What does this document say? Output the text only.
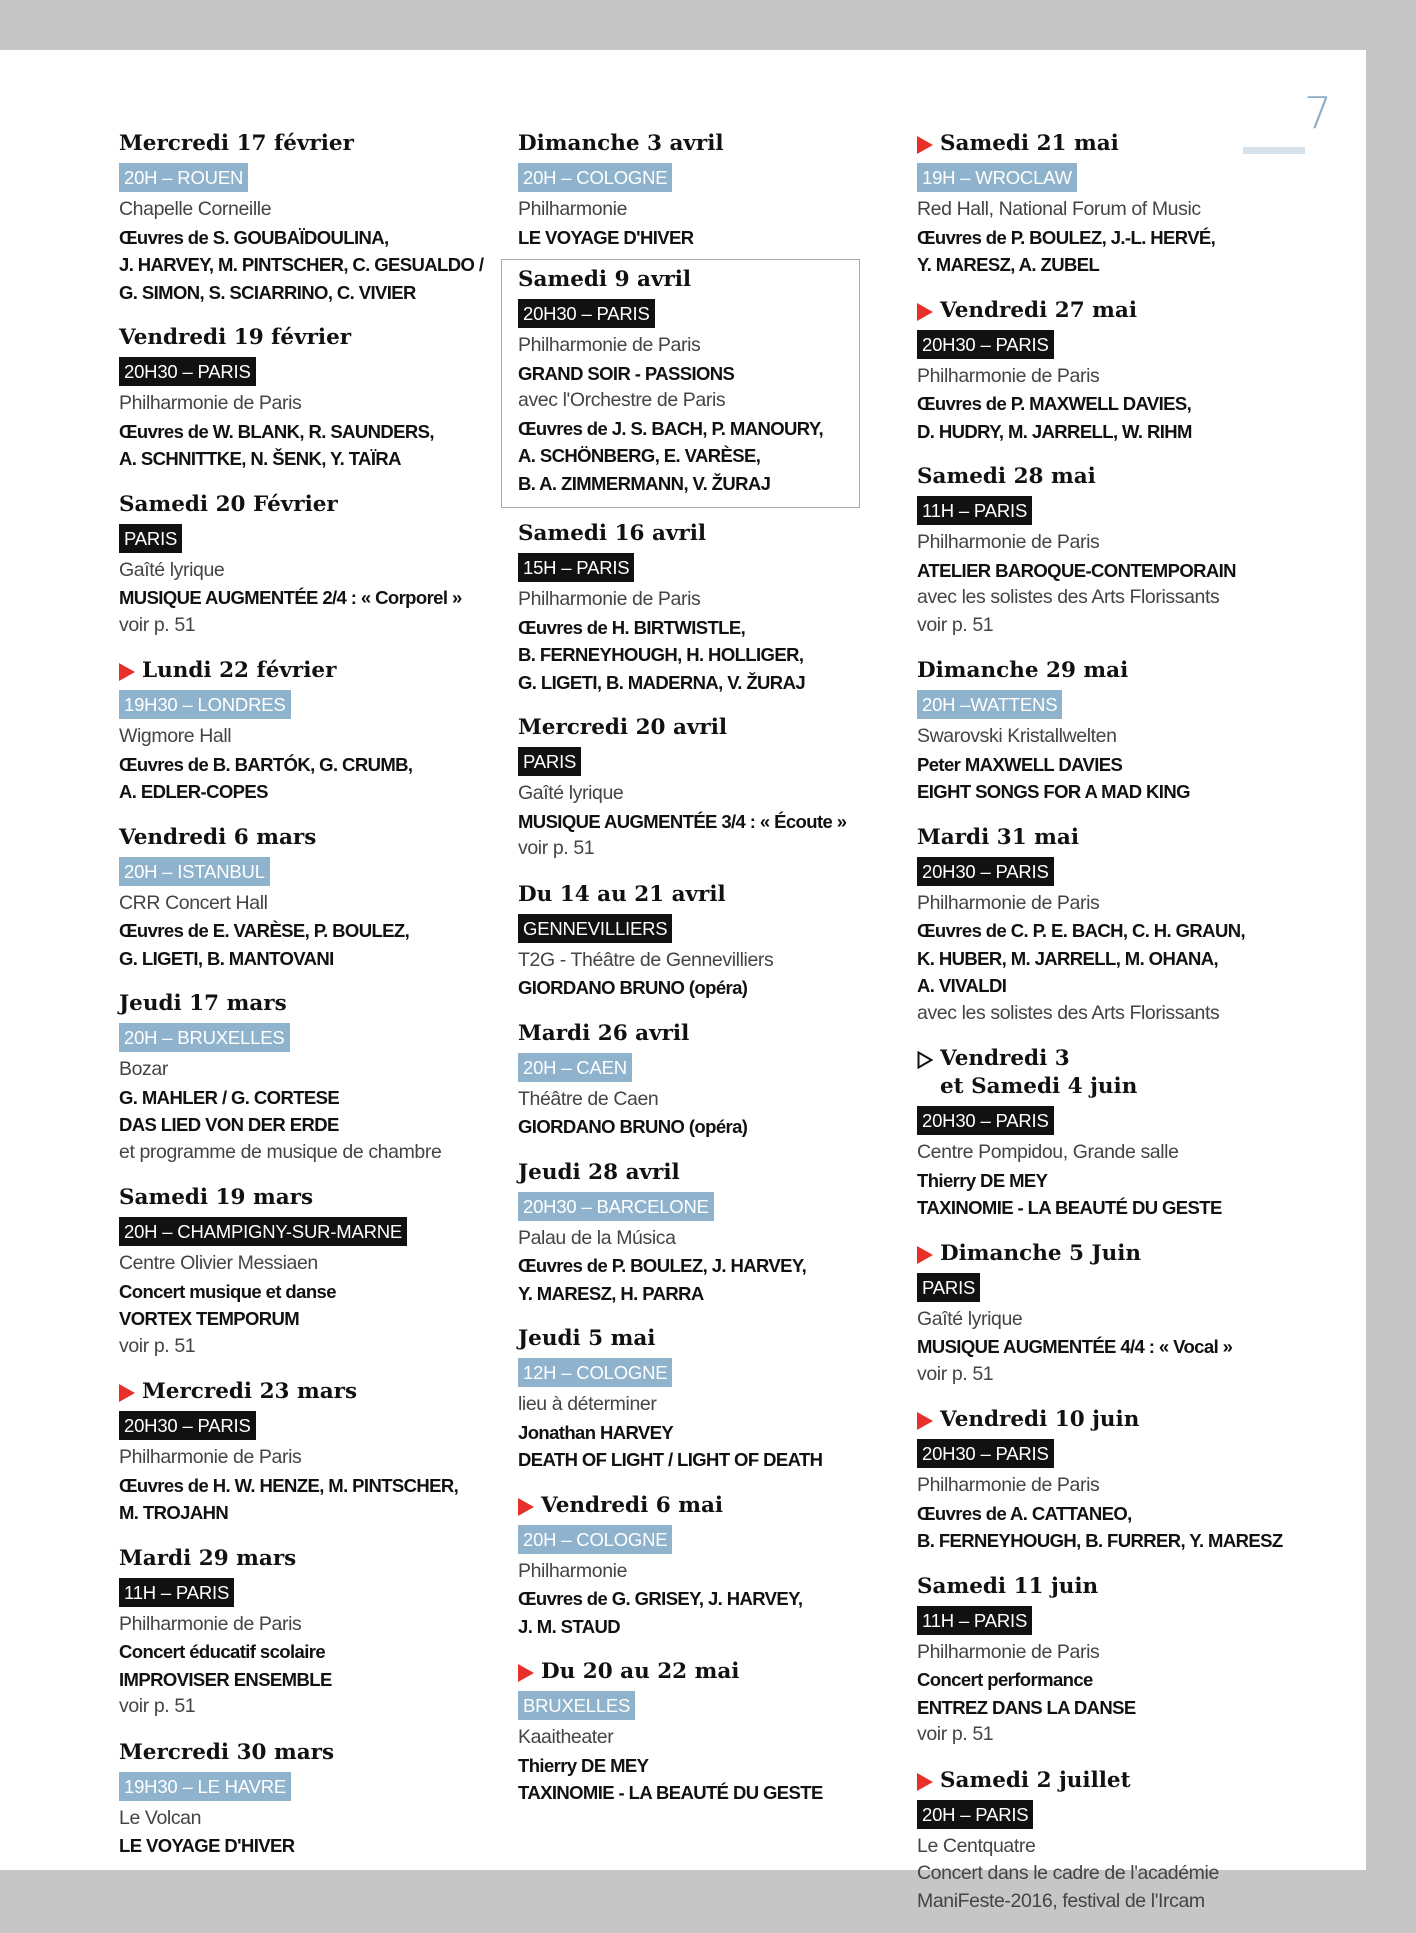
7
Mercredi 17 février
20H – ROUEN
Chapelle Corneille
Œuvres de S. GOUBAÏDOULINA,
J. HARVEY, M. PINTSCHER, C. GESUALDO /
G. SIMON, S. SCIARRINO, C. VIVIER
Vendredi 19 février
20H30 – PARIS
Philharmonie de Paris
Œuvres de W. BLANK, R. SAUNDERS,
A. SCHNITTKE, N. ŠENK, Y. TAÏRA
Samedi 20 Février
PARIS
Gaîté lyrique
MUSIQUE AUGMENTÉE 2/4 : « Corporel »
voir p. 51
Lundi 22 février
19H30 – LONDRES
Wigmore Hall
Œuvres de B. BARTÓK, G. CRUMB,
A. EDLER-COPES
Vendredi 6 mars
20H – ISTANBUL
CRR Concert Hall
Œuvres de E. VARÈSE, P. BOULEZ,
G. LIGETI, B. MANTOVANI
Jeudi 17 mars
20H – BRUXELLES
Bozar
G. MAHLER / G. CORTESE
DAS LIED VON DER ERDE
et programme de musique de chambre
Samedi 19 mars
20H – CHAMPIGNY-SUR-MARNE
Centre Olivier Messiaen
Concert musique et danse
VORTEX TEMPORUM
voir p. 51
Mercredi 23 mars
20H30 – PARIS
Philharmonie de Paris
Œuvres de H. W. HENZE, M. PINTSCHER,
M. TROJAHN
Mardi 29 mars
11H – PARIS
Philharmonie de Paris
Concert éducatif scolaire
IMPROVISER ENSEMBLE
voir p. 51
Mercredi 30 mars
19H30 – LE HAVRE
Le Volcan
LE VOYAGE D'HIVER
Dimanche 3 avril
20H – COLOGNE
Philharmonie
LE VOYAGE D'HIVER
Samedi 9 avril
20H30 – PARIS
Philharmonie de Paris
GRAND SOIR - PASSIONS
avec l'Orchestre de Paris
Œuvres de J. S. BACH, P. MANOURY,
A. SCHÖNBERG, E. VARÈSE,
B. A. ZIMMERMANN, V. ŽURAJ
Samedi 16 avril
15H – PARIS
Philharmonie de Paris
Œuvres de H. BIRTWISTLE,
B. FERNEYHOUGH, H. HOLLIGER,
G. LIGETI, B. MADERNA, V. ŽURAJ
Mercredi 20 avril
PARIS
Gaîté lyrique
MUSIQUE AUGMENTÉE 3/4 : « Écoute »
voir p. 51
Du 14 au 21 avril
GENNEVILLIERS
T2G - Théâtre de Gennevilliers
GIORDANO BRUNO (opéra)
Mardi 26 avril
20H – CAEN
Théâtre de Caen
GIORDANO BRUNO (opéra)
Jeudi 28 avril
20H30 – BARCELONE
Palau de la Música
Œuvres de P. BOULEZ, J. HARVEY,
Y. MARESZ, H. PARRA
Jeudi 5 mai
12H – COLOGNE
lieu à déterminer
Jonathan HARVEY
DEATH OF LIGHT / LIGHT OF DEATH
Vendredi 6 mai
20H – COLOGNE
Philharmonie
Œuvres de G. GRISEY, J. HARVEY,
J. M. STAUD
Du 20 au 22 mai
BRUXELLES
Kaaitheater
Thierry DE MEY
TAXINOMIE - LA BEAUTÉ DU GESTE
Samedi 21 mai
19H – WROCLAW
Red Hall, National Forum of Music
Œuvres de P. BOULEZ, J.-L. HERVÉ,
Y. MARESZ, A. ZUBEL
Vendredi 27 mai
20H30 – PARIS
Philharmonie de Paris
Œuvres de P. MAXWELL DAVIES,
D. HUDRY, M. JARRELL, W. RIHM
Samedi 28 mai
11H – PARIS
Philharmonie de Paris
ATELIER BAROQUE-CONTEMPORAIN
avec les solistes des Arts Florissants
voir p. 51
Dimanche 29 mai
20H –WATTENS
Swarovski Kristallwelten
Peter MAXWELL DAVIES
EIGHT SONGS FOR A MAD KING
Mardi 31 mai
20H30 – PARIS
Philharmonie de Paris
Œuvres de C. P. E. BACH, C. H. GRAUN,
K. HUBER, M. JARRELL, M. OHANA,
A. VIVALDI
avec les solistes des Arts Florissants
Vendredi 3
et Samedi 4 juin
20H30 – PARIS
Centre Pompidou, Grande salle
Thierry DE MEY
TAXINOMIE - LA BEAUTÉ DU GESTE
Dimanche 5 Juin
PARIS
Gaîté lyrique
MUSIQUE AUGMENTÉE 4/4 : « Vocal »
voir p. 51
Vendredi 10 juin
20H30 – PARIS
Philharmonie de Paris
Œuvres de A. CATTANEO,
B. FERNEYHOUGH, B. FURRER, Y. MARESZ
Samedi 11 juin
11H – PARIS
Philharmonie de Paris
Concert performance
ENTREZ DANS LA DANSE
voir p. 51
Samedi 2 juillet
20H – PARIS
Le Centquatre
Concert dans le cadre de l'académie
ManiFeste-2016, festival de l'Ircam
